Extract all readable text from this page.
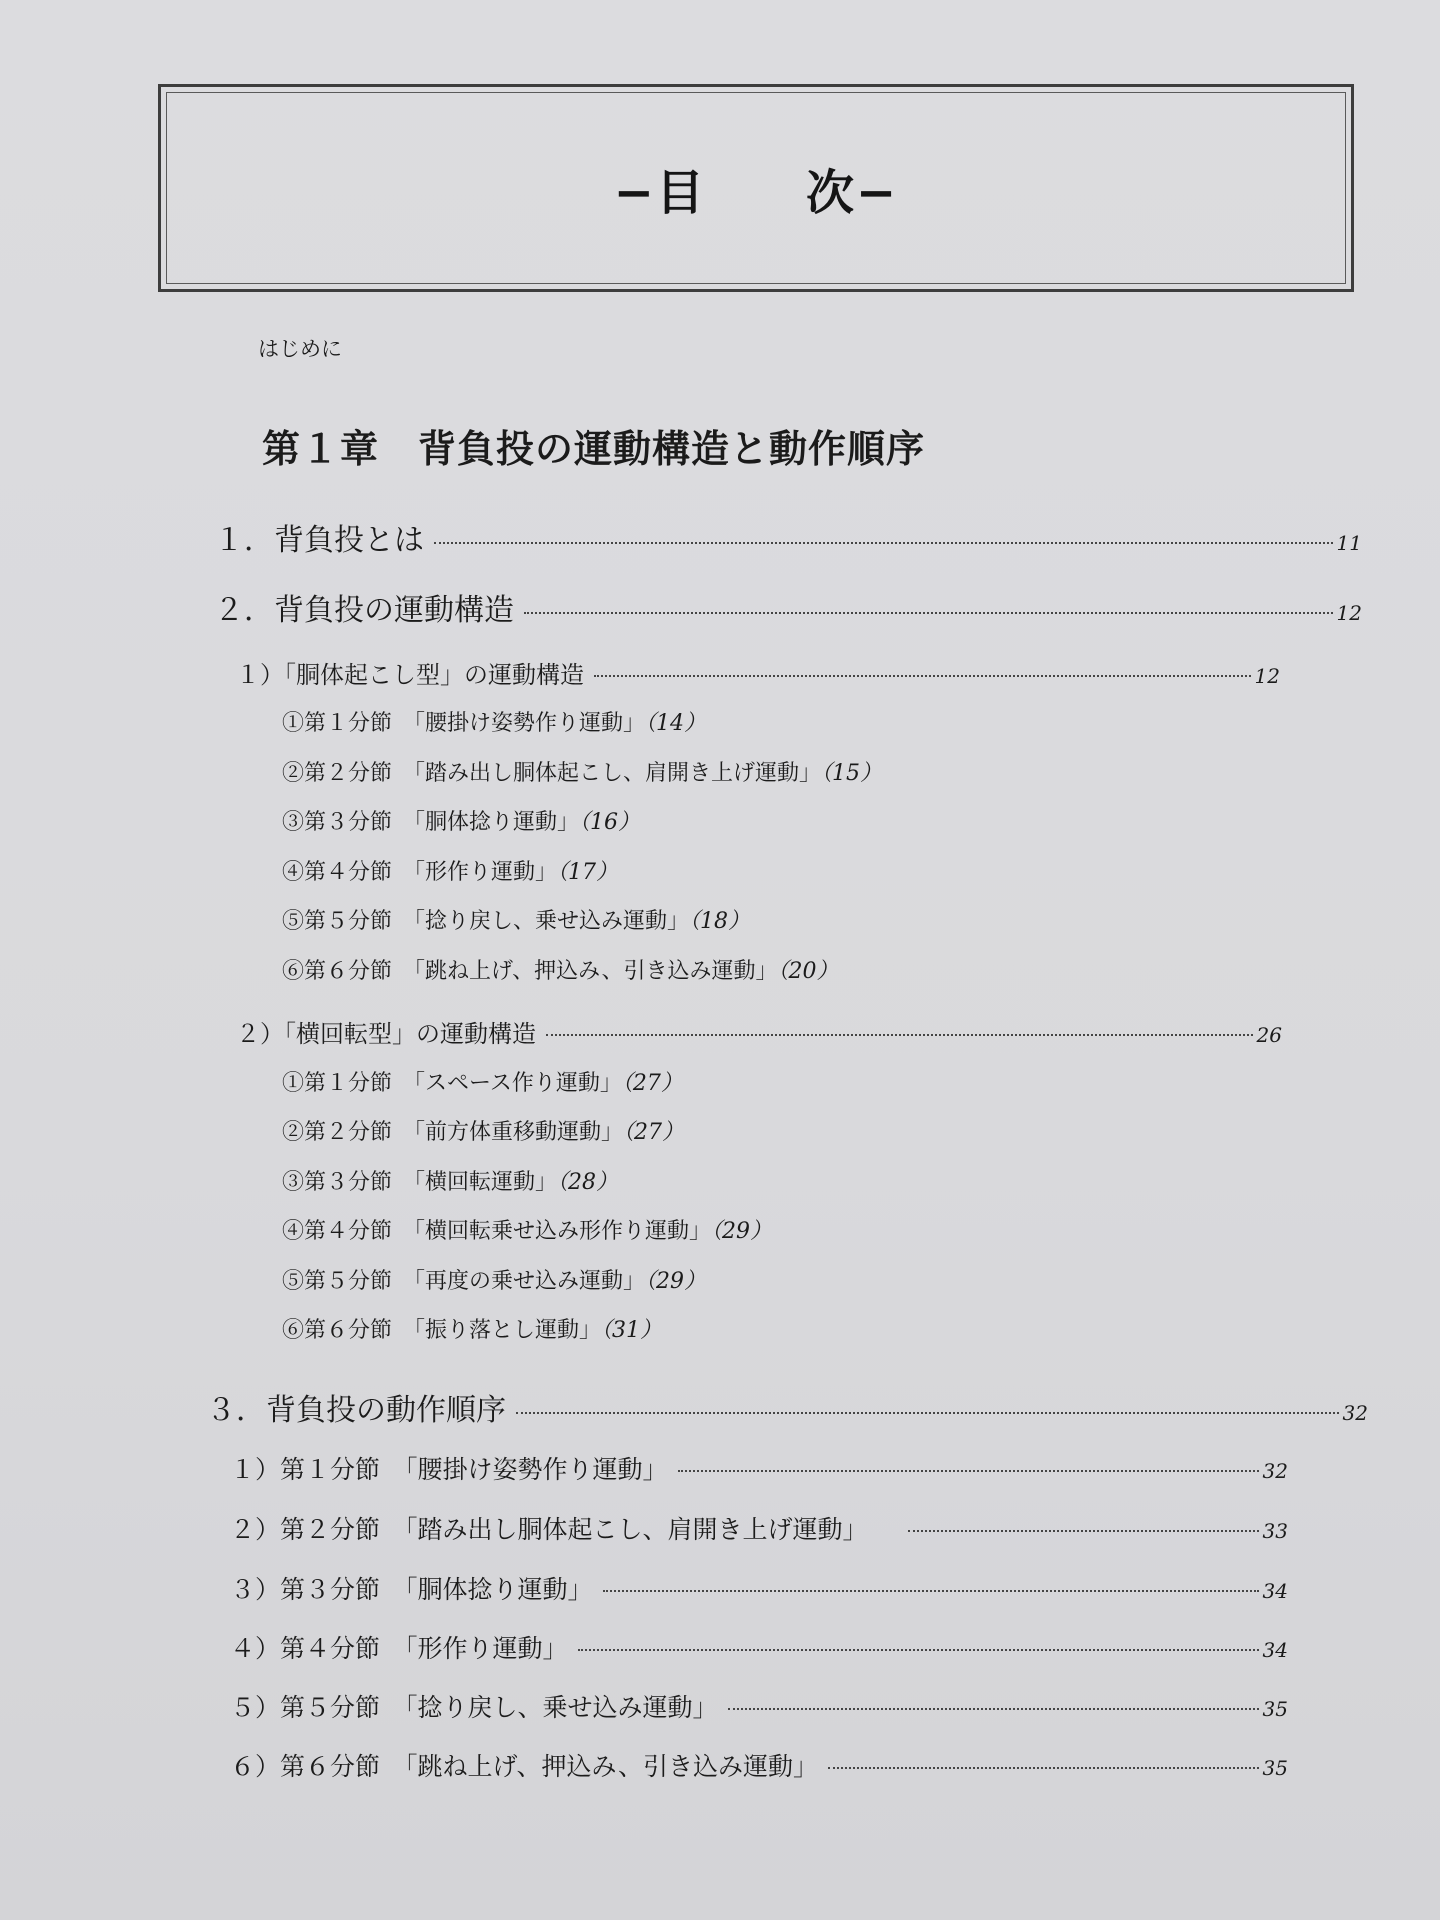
−目　　次−
はじめに
第１章　背負投の運動構造と動作順序
１．背負投とは	11
２．背負投の運動構造	12
１）「胴体起こし型」の運動構造	12
①第１分節　「腰掛け姿勢作り運動」（14）
②第２分節　「踏み出し胴体起こし、肩開き上げ運動」（15）
③第３分節　「胴体捻り運動」（16）
④第４分節　「形作り運動」（17）
⑤第５分節　「捻り戻し、乗せ込み運動」（18）
⑥第６分節　「跳ね上げ、押込み、引き込み運動」（20）
２）「横回転型」の運動構造	26
①第１分節　「スペース作り運動」（27）
②第２分節　「前方体重移動運動」（27）
③第３分節　「横回転運動」（28）
④第４分節　「横回転乗せ込み形作り運動」（29）
⑤第５分節　「再度の乗せ込み運動」（29）
⑥第６分節　「振り落とし運動」（31）
３．背負投の動作順序	32
１）第１分節　「腰掛け姿勢作り運動」	32
２）第２分節　「踏み出し胴体起こし、肩開き上げ運動」	33
３）第３分節　「胴体捻り運動」	34
４）第４分節　「形作り運動」	34
５）第５分節　「捻り戻し、乗せ込み運動」	35
６）第６分節　「跳ね上げ、押込み、引き込み運動」	35
